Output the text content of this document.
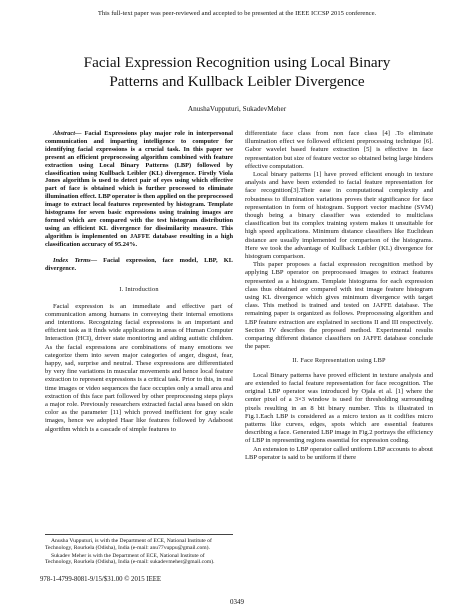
This full-text paper was peer-reviewed and accepted to be presented at the IEEE ICCSP 2015 conference.
Facial Expression Recognition using Local Binary
Patterns and Kullback Leibler Divergence
AnushaVupputuri, SukadevMeher

Abstract— Facial Expressions play major role in interpersonal communication and imparting intelligence to computer for identifying facial expressions is a crucial task. In this paper we present an efficient preprocessing algorithm combined with feature extraction using Local Binary Patterns (LBP) followed by classification using Kullback Leibler (KL) divergence. Firstly Viola Jones algorithm is used to detect pair of eyes using which effective part of face is obtained which is further processed to eliminate illumination effect. LBP operator is then applied on the preprocessed image to extract local features represented by histogram. Template histograms for seven basic expressions using training images are formed which are compared with the test histogram distribution using an efficient KL divergence for dissimilarity measure. This algorithm is implemented on JAFFE database resulting in a high classification accuracy of 95.24%.

Index Terms— Facial expression, face model, LBP, KL divergence.

I. Introduction

Facial expression is an immediate and effective part of communication among humans in conveying their internal emotions and intentions. Recognizing facial expressions is an important and efficient task as it finds wide applications in areas of Human Computer Interaction (HCI), driver state monitoring and aiding autistic children. As the facial expressions are combinations of many emotions we categorize them into seven major categories of anger, disgust, fear, happy, sad, surprise and neutral. These expressions are differentiated by very fine variations in muscular movements and hence local feature extraction to represent expressions is a critical task. Prior to this, in real time images or video sequences the face occupies only a small area and extraction of this face part followed by other preprocessing steps plays a major role. Previously researchers extracted facial area based on skin color as the parameter [11] which proved inefficient for gray scale images, hence we adopted Haar like features followed by Adaboost algorithm which is a cascade of simple features to

Anusha Vupputuri, is with the Department of ECE, National Institute of Technology, Rourkela (Odisha), India (e-mail: anu77vuppu@gmail.com).

Sukadev Meher is with the Department of ECE, National Institute of Technology, Rourkela (Odisha), India (e-mail: sukadevmeher@gmail.com).

978-1-4799-8081-9/15/$31.00 © 2015 IEEE

differentiate face class from non face class [4] .To eliminate illumination effect we followed efficient preprocessing technique [6]. Gabor wavelet based feature extraction [5] is effective in face representation but size of feature vector so obtained being large hinders effective computation.

Local binary patterns [1] have proved efficient enough in texture analysis and have been extended to facial feature representation for face recognition[3].Their ease in computational complexity and robustness to illumination variations proves their significance for face representation in form of histogram. Support vector machine (SVM) though being a binary classifier was extended to multiclass classification but its complex training system makes it unsuitable for high speed applications. Minimum distance classifiers like Euclidean distance are usually implemented for comparison of the histograms. Here we took the advantage of Kullback Leibler (KL) divergence for histogram comparison.

This paper proposes a facial expression recognition method by applying LBP operator on preprocessed images to extract features represented as a histogram. Template histograms for each expression class thus obtained are compared with test image feature histogram using KL divergence which gives minimum divergence with target class. This method is trained and tested on JAFFE database. The remaining paper is organized as follows. Preprocessing algorithm and LBP feature extraction are explained in sections II and III respectively. Section IV describes the proposed method. Experimental results comparing different distance classifiers on JAFFE database conclude the paper.

II. Face Representation using LBP

Local Binary patterns have proved efficient in texture analysis and are extended to facial feature representation for face recognition. The original LBP operator was introduced by Ojala et al. [1] where the center pixel of a 3×3 window is used for thresholding surrounding pixels resulting in an 8 bit binary number. This is illustrated in Fig.1.Each LBP is considered as a micro texton as it codifies micro patterns like curves, edges, spots which are essential features describing a face. Generated LBP image in Fig.2 portrays the efficiency of LBP in representing regions essential for expression coding.

An extension to LBP operator called uniform LBP accounts to about LBP operator is said to be uniform if there

0349
